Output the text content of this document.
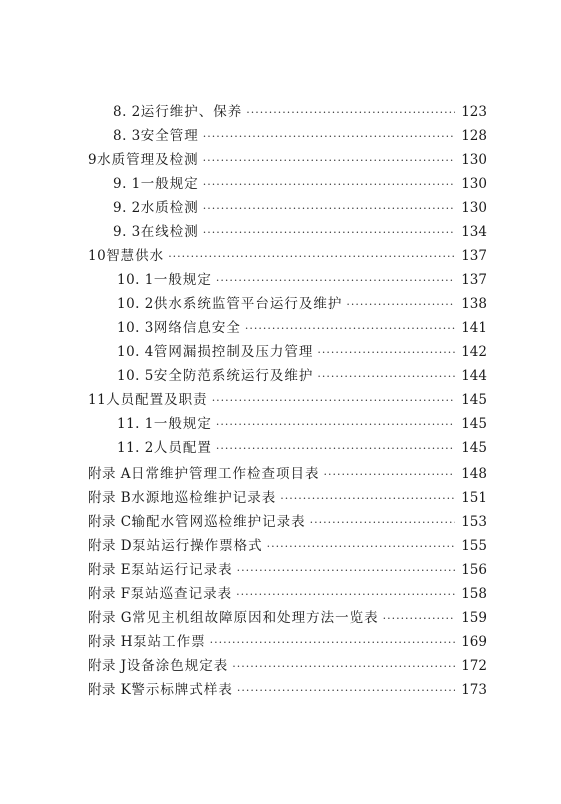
8. 2 运行维护、保养 ·····	123
8. 3 安全管理 ·····	128
9 水质管理及检测 ·····	130
9. 1 一般规定 ·····	130
9. 2 水质检测 ·····	130
9. 3 在线检测 ·····	134
10 智慧供水 ·····	137
10. 1 一般规定 ·····	137
10. 2 供水系统监管平台运行及维护 ·····	138
10. 3 网络信息安全 ·····	141
10. 4 管网漏损控制及压力管理 ·····	142
10. 5 安全防范系统运行及维护 ·····	144
11 人员配置及职责 ·····	145
11. 1 一般规定 ·····	145
11. 2 人员配置 ·····	145
附录 A 日常维护管理工作检查项目表 ·····	148
附录 B 水源地巡检维护记录表 ·····	151
附录 C 输配水管网巡检维护记录表 ·····	153
附录 D 泵站运行操作票格式 ·····	155
附录 E 泵站运行记录表 ·····	156
附录 F 泵站巡查记录表 ·····	158
附录 G 常见主机组故障原因和处理方法一览表 ·····	159
附录 H 泵站工作票 ·····	169
附录 J 设备涂色规定表 ·····	172
附录 K 警示标牌式样表 ·····	173
